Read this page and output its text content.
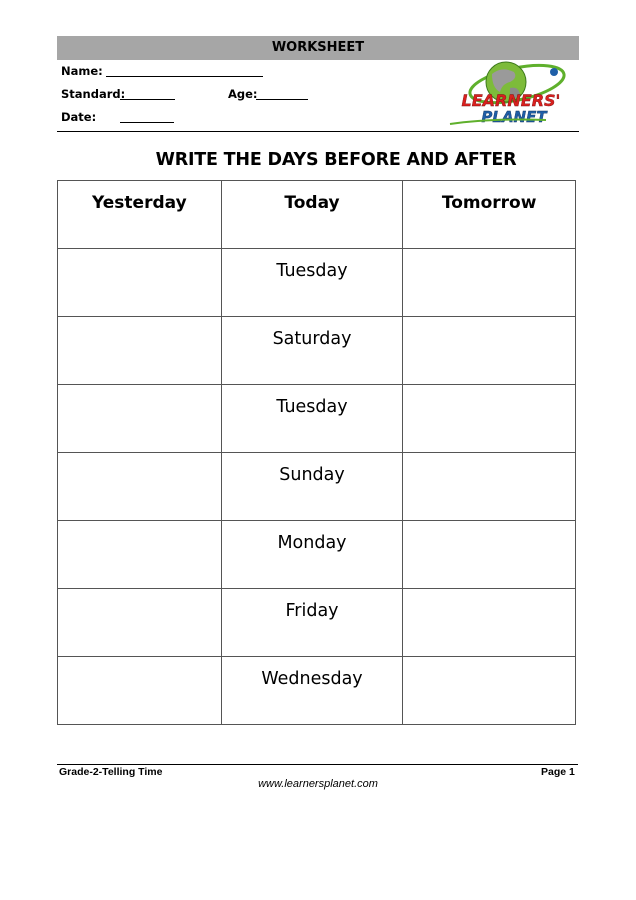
WORKSHEET
Name:
Standard:	Age:
Date:
LEARNERS'
PLANET
WRITE THE DAYS BEFORE AND AFTER
Yesterday	Today	Tomorrow
	Tuesday	
	Saturday	
	Tuesday	
	Sunday	
	Monday	
	Friday	
	Wednesday	
Grade-2-Telling Time	Page 1
www.learnersplanet.com
